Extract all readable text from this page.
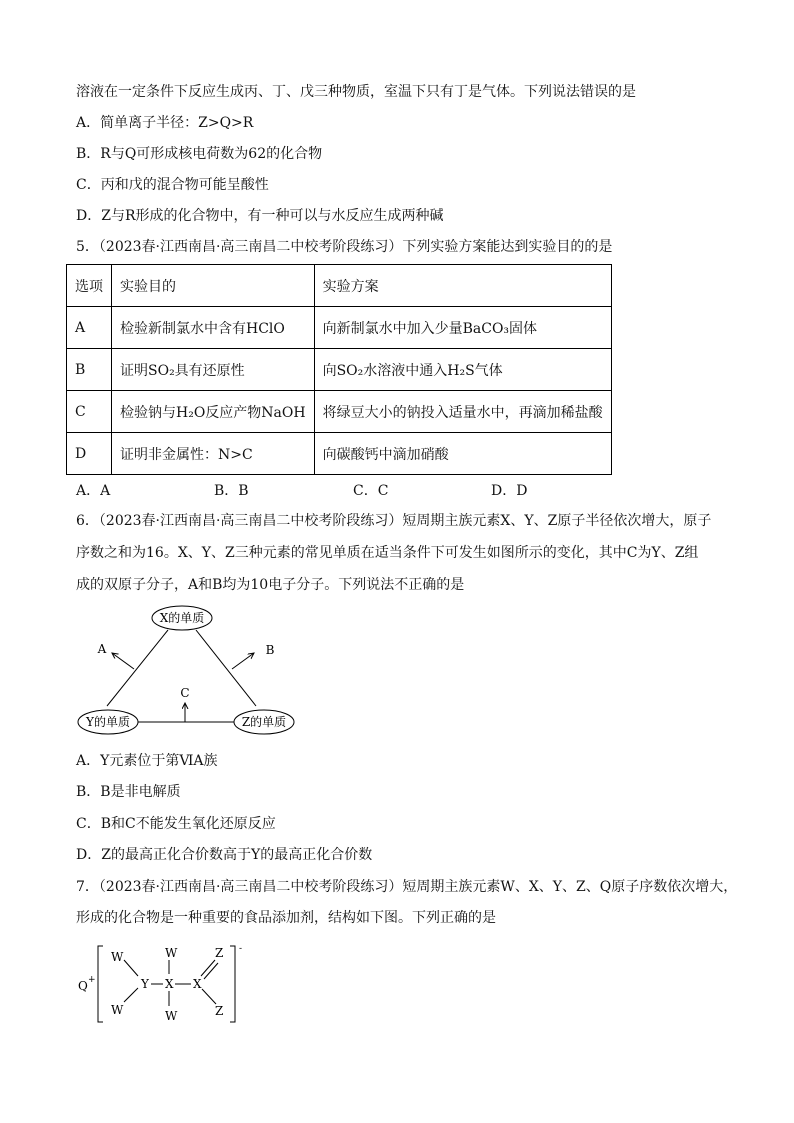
溶液在一定条件下反应生成丙、丁、戊三种物质，室温下只有丁是气体。下列说法错误的是
A．简单离子半径：Z>Q>R
B．R与Q可形成核电荷数为62的化合物
C．丙和戊的混合物可能呈酸性
D．Z与R形成的化合物中，有一种可以与水反应生成两种碱
5．（2023春·江西南昌·高三南昌二中校考阶段练习）下列实验方案能达到实验目的的是
选项	实验目的	实验方案
A	检验新制氯水中含有HClO	向新制氯水中加入少量BaCO₃固体
B	证明SO₂具有还原性	向SO₂水溶液中通入H₂S气体
C	检验钠与H₂O反应产物NaOH	将绿豆大小的钠投入适量水中，再滴加稀盐酸
D	证明非金属性：N>C	向碳酸钙中滴加硝酸
A．A	B．B	C．C	D．D
6．（2023春·江西南昌·高三南昌二中校考阶段练习）短周期主族元素X、Y、Z原子半径依次增大，原子
序数之和为16。X、Y、Z三种元素的常见单质在适当条件下可发生如图所示的变化，其中C为Y、Z组
成的双原子分子，A和B均为10电子分子。下列说法不正确的是
X的单质
Y的单质	Z的单质
A	B
C
A．Y元素位于第ⅥA族
B．B是非电解质
C．B和C不能发生氧化还原反应
D．Z的最高正化合价数高于Y的最高正化合价数
7．（2023春·江西南昌·高三南昌二中校考阶段练习）短周期主族元素W、X、Y、Z、Q原子序数依次增大，
形成的化合物是一种重要的食品添加剂，结构如下图。下列正确的是
Q +
-
W
W
Y
W
X
W
X
Z
Z
